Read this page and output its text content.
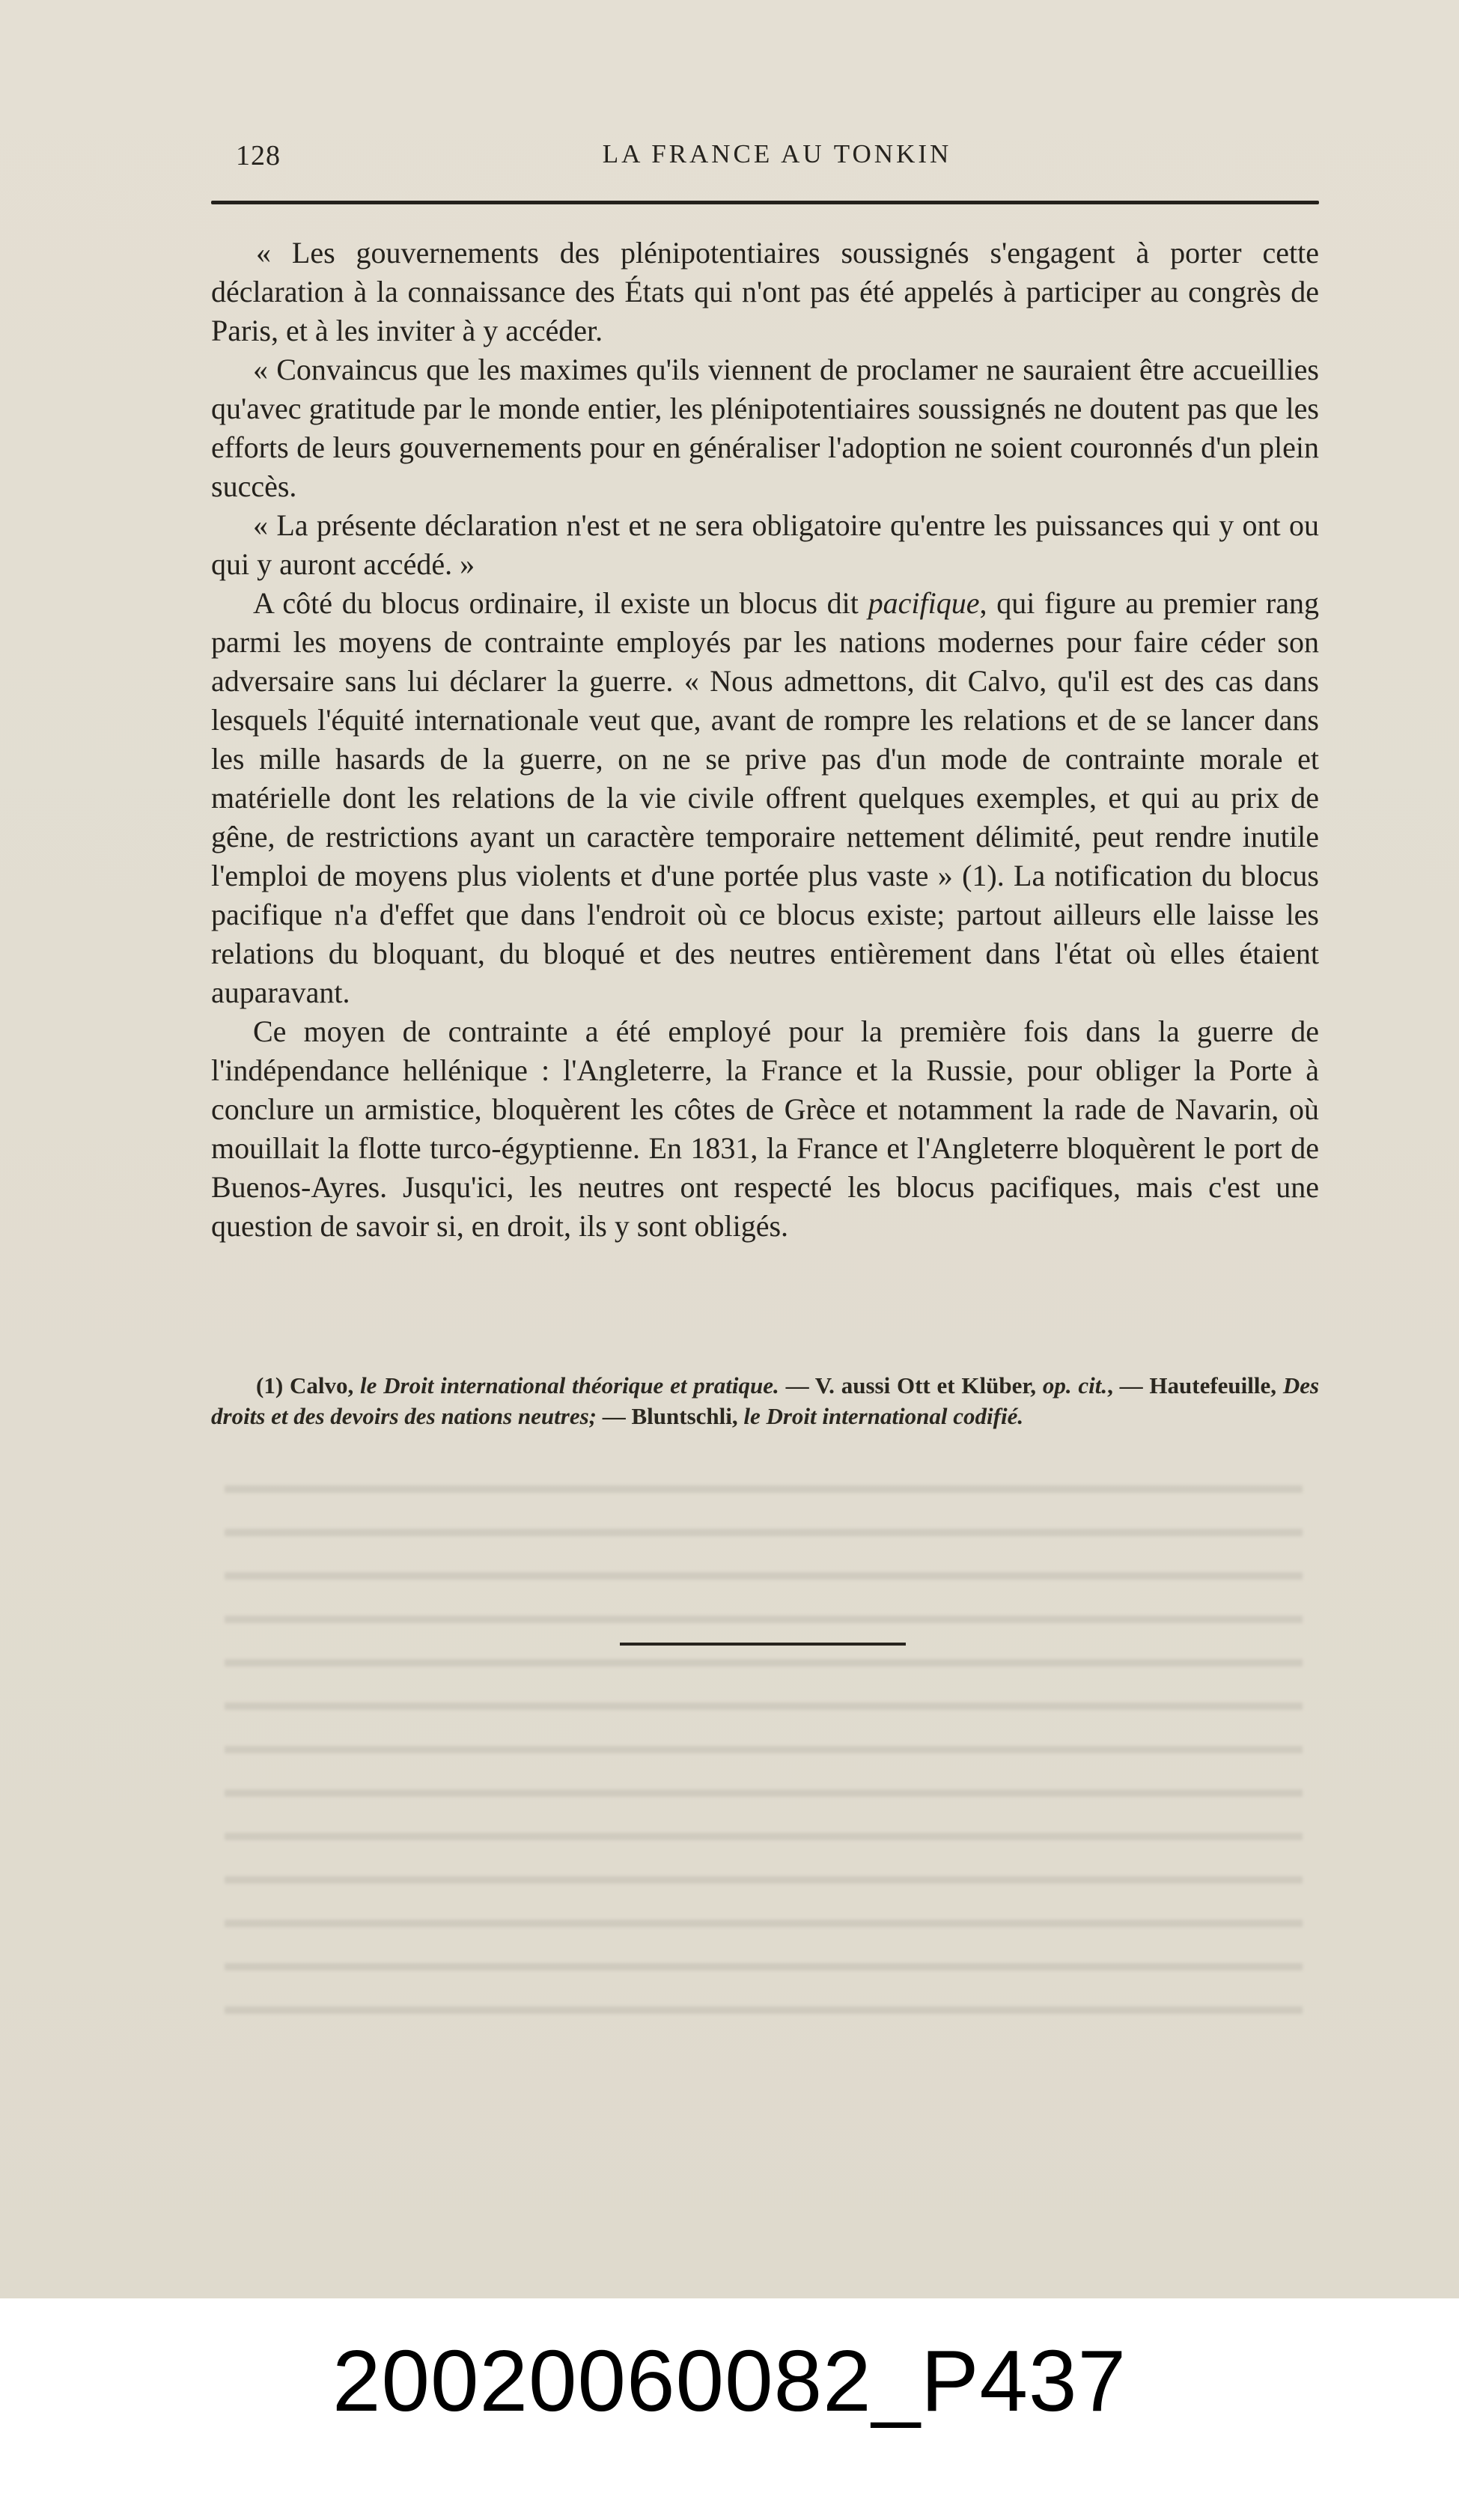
128	LA FRANCE AU TONKIN

« Les gouvernements des plénipotentiaires soussignés s'engagent à porter cette déclaration à la connaissance des États qui n'ont pas été appelés à participer au congrès de Paris, et à les inviter à y accéder.

« Convaincus que les maximes qu'ils viennent de proclamer ne sauraient être accueillies qu'avec gratitude par le monde entier, les plénipotentiaires soussignés ne doutent pas que les efforts de leurs gouvernements pour en généraliser l'adoption ne soient couronnés d'un plein succès.

« La présente déclaration n'est et ne sera obligatoire qu'entre les puissances qui y ont ou qui y auront accédé. »

A côté du blocus ordinaire, il existe un blocus dit pacifique, qui figure au premier rang parmi les moyens de contrainte employés par les nations modernes pour faire céder son adversaire sans lui déclarer la guerre. « Nous admettons, dit Calvo, qu'il est des cas dans lesquels l'équité internationale veut que, avant de rompre les relations et de se lancer dans les mille hasards de la guerre, on ne se prive pas d'un mode de contrainte morale et matérielle dont les relations de la vie civile offrent quelques exemples, et qui au prix de gêne, de restrictions ayant un caractère temporaire nettement délimité, peut rendre inutile l'emploi de moyens plus violents et d'une portée plus vaste » (1). La notification du blocus pacifique n'a d'effet que dans l'endroit où ce blocus existe; partout ailleurs elle laisse les relations du bloquant, du bloqué et des neutres entièrement dans l'état où elles étaient auparavant.

Ce moyen de contrainte a été employé pour la première fois dans la guerre de l'indépendance hellénique : l'Angleterre, la France et la Russie, pour obliger la Porte à conclure un armistice, bloquèrent les côtes de Grèce et notamment la rade de Navarin, où mouillait la flotte turco-égyptienne. En 1831, la France et l'Angleterre bloquèrent le port de Buenos-Ayres. Jusqu'ici, les neutres ont respecté les blocus pacifiques, mais c'est une question de savoir si, en droit, ils y sont obligés.

(1) Calvo, le Droit international théorique et pratique. — V. aussi Ott et Klüber, op. cit., — Hautefeuille, Des droits et des devoirs des nations neutres; — Bluntschli, le Droit international codifié.
20020060082_P437
